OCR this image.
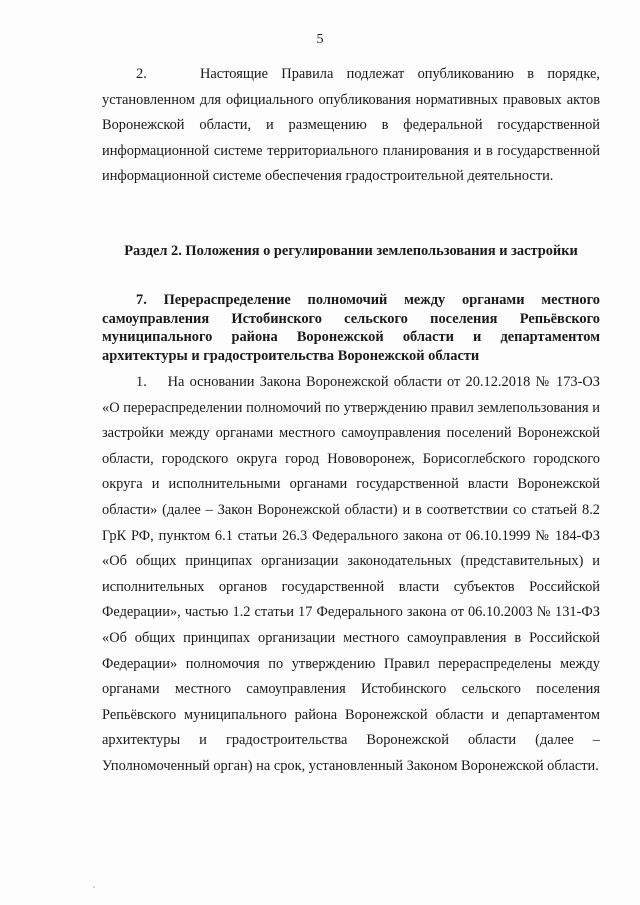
5

2.    Настоящие Правила подлежат опубликованию в порядке, установленном для официального опубликования нормативных правовых актов Воронежской области, и размещению в федеральной государственной информационной системе территориального планирования и в государственной информационной системе обеспечения градостроительной деятельности.

Раздел 2. Положения о регулировании землепользования и застройки

7. Перераспределение полномочий между органами местного самоуправления Истобинского сельского поселения Репьёвского муниципального района Воронежской области и департаментом архитектуры и градостроительства Воронежской области

1.    На основании Закона Воронежской области от 20.12.2018 № 173-ОЗ «О перераспределении полномочий по утверждению правил землепользования и застройки между органами местного самоуправления поселений Воронежской области, городского округа город Нововоронеж, Борисоглебского городского округа и исполнительными органами государственной власти Воронежской области» (далее – Закон Воронежской области) и в соответствии со статьей 8.2 ГрК РФ, пунктом 6.1 статьи 26.3 Федерального закона от 06.10.1999 № 184-ФЗ «Об общих принципах организации законодательных (представительных) и исполнительных органов государственной власти субъектов Российской Федерации», частью 1.2 статьи 17 Федерального закона от 06.10.2003 № 131-ФЗ «Об общих принципах организации местного самоуправления в Российской Федерации» полномочия по утверждению Правил перераспределены между органами местного самоуправления Истобинского сельского поселения Репьёвского муниципального района Воронежской области и департаментом архитектуры и градостроительства Воронежской области (далее – Уполномоченный орган) на срок, установленный Законом Воронежской области.
